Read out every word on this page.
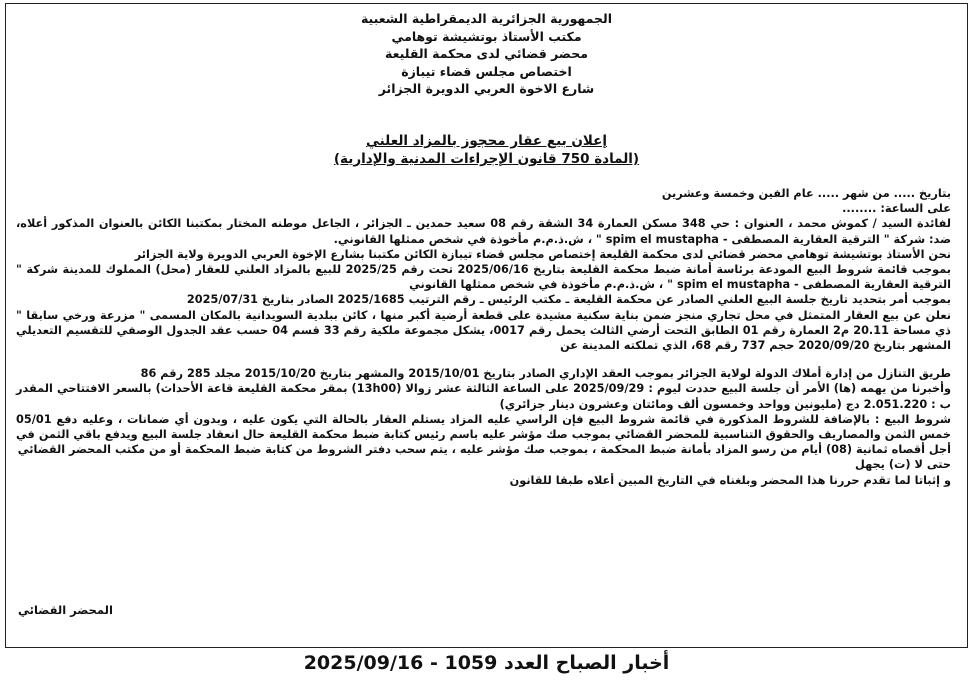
الجمهورية الجزائرية الديمقراطية الشعبية
مكتب الأستاذ بوتشيشة توهامي
محضر قضائي لدى محكمة القليعة
اختصاص مجلس قضاء تيبازة
شارع الاخوة العربي الدويرة الجزائر
إعلان بيع عقار محجوز بالمزاد العلني
(المادة 750 قانون الإجراءات المدنية والإدارية)

بتاريخ ..... من شهر ..... عام الفين وخمسة وعشرين

على الساعة: ........

لفائدة السيد / كموش محمد ، العنوان : حي 348 مسكن العمارة 34 الشقة رقم 08 سعيد حمدين ـ الجزائر ، الجاعل موطنه المختار بمكتبنا الكائن بالعنوان المذكور أعلاه، ضد: شركة " الترقية العقارية المصطفى - spim el mustapha " ، ش.ذ.م.م مأخوذة في شخص ممثلها القانوني.

نحن الأستاذ بوتشيشة توهامي محضر قضائي لدى محكمة القليعة إختصاص مجلس قضاء تيبازة الكائن مكتبنا بشارع الإخوة العربي الدويرة ولاية الجزائر

بموجب قائمة شروط البيع المودعة برئاسة أمانة ضبط محكمة القليعة بتاريخ 2025/06/16 تحت رقم 2025/25 للبيع بالمزاد العلني للعقار (محل) المملوك للمدينة شركة " الترقية العقارية المصطفى - spim el mustapha " ، ش.ذ.م.م مأخوذة في شخص ممثلها القانوني

بموجب أمر بتحديد تاريخ جلسة البيع العلني الصادر عن محكمة القليعة ـ مكتب الرئيس ـ رقم الترتيب 2025/1685 الصادر بتاريخ 2025/07/31

نعلن عن بيع العقار المتمثل في محل تجاري منجز ضمن بناية سكنية مشيدة على قطعة أرضية أكبر منها ، كائن ببلدية السويدانية بالمكان المسمى " مزرعة ورخي سابقا " ذي مساحة 20.11 م2 العمارة رقم 01 الطابق التحت أرضي الثالث يحمل رقم 0017، يشكل مجموعة ملكية رقم 33 قسم 04 حسب عقد الجدول الوصفي للتقسيم التعديلي المشهر بتاريخ 2020/09/20 حجم 737 رقم 68، الذي تملكته المدينة عن

طريق التنازل من إدارة أملاك الدولة لولاية الجزائر بموجب العقد الإداري الصادر بتاريخ 2015/10/01 والمشهر بتاريخ 2015/10/20 مجلد 285 رقم 86

وأخبرنا من يهمه (ها) الأمر أن جلسة البيع حددت ليوم : 2025/09/29 على الساعة الثالثة عشر زوالا (13h00) بمقر محكمة القليعة قاعة الأحداث) بالسعر الافتتاحي المقدر ب : 2.051.220 دج (مليونين وواحد وخمسون ألف ومائتان وعشرون دينار جزائري)

شروط البيع : بالإضافة للشروط المذكورة في قائمة شروط البيع فإن الراسي عليه المزاد يستلم العقار بالحالة التي يكون عليه ، وبدون أي ضمانات ، وعليه دفع 05/01 خمس الثمن والمصاريف والحقوق التناسبية للمحضر القضائي بموجب صك مؤشر عليه باسم رئيس كتابة ضبط محكمة القليعة حال انعقاد جلسة البيع ويدفع باقي الثمن في أجل أقصاه ثمانية (08) أيام من رسو المزاد بأمانة ضبط المحكمة ، بموجب صك مؤشر عليه ، يتم سحب دفتر الشروط من كتابة ضبط المحكمة أو من مكتب المحضر القضائي

حتى لا (ت) يجهل

و إثباتا لما تقدم حررنا هذا المحضر وبلغناه في التاريخ المبين أعلاه طبقا للقانون

المحضر القضائي
أخبار الصباح العدد 1059 - 2025/09/16
